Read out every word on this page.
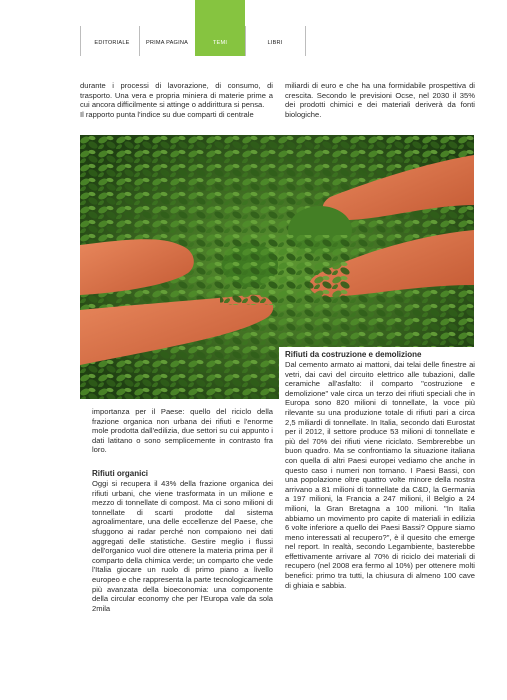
EDITORIALE	PRIMA PAGINA	TEMI	LIBRI

durante i processi di lavorazione, di consumo, di trasporto. Una vera e propria miniera di materie prime a cui ancora difficilmente si attinge o addirittura si pensa.

Il rapporto punta l'indice su due comparti di centrale

miliardi di euro e che ha una formidabile prospettiva di crescita. Secondo le previsioni Ocse, nel 2030 il 35% dei prodotti chimici e dei materiali deriverà da fonti biologiche.

importanza per il Paese: quello del riciclo della frazione organica non urbana dei rifiuti e l'enorme mole prodotta dall'edilizia, due settori su cui appunto i dati latitano o sono semplicemente in contrasto fra loro.

Rifiuti organici

Oggi si recupera il 43% della frazione organica dei rifiuti urbani, che viene trasformata in un milione e mezzo di tonnellate di compost. Ma ci sono milioni di tonnellate di scarti prodotte dal sistema agroalimentare, una delle eccellenze del Paese, che sfuggono ai radar perché non compaiono nei dati aggregati delle statistiche. Gestire meglio i flussi dell'organico vuol dire ottenere la materia prima per il comparto della chimica verde; un comparto che vede l'Italia giocare un ruolo di primo piano a livello europeo e che rappresenta la parte tecnologicamente più avanzata della bioeconomia: una componente della circular economy che per l'Europa vale da sola 2mila

Rifiuti da costruzione e demolizione

Dal cemento armato ai mattoni, dai telai delle finestre ai vetri, dai cavi del circuito elettrico alle tubazioni, dalle ceramiche all'asfalto: il comparto "costruzione e demolizione" vale circa un terzo dei rifiuti speciali che in Europa sono 820 milioni di tonnellate, la voce più rilevante su una produzione totale di rifiuti pari a circa 2,5 miliardi di tonnellate. In Italia, secondo dati Eurostat per il 2012, il settore produce 53 milioni di tonnellate e più del 70% dei rifiuti viene riciclato. Sembrerebbe un buon quadro. Ma se confrontiamo la situazione italiana con quella di altri Paesi europei vediamo che anche in questo caso i numeri non tornano. I Paesi Bassi, con una popolazione oltre quattro volte minore della nostra arrivano a 81 milioni di tonnellate da C&D, la Germania a 197 milioni, la Francia a 247 milioni, il Belgio a 24 milioni, la Gran Bretagna a 100 milioni. "In Italia abbiamo un movimento pro capite di materiali in edilizia 6 volte inferiore a quello dei Paesi Bassi? Oppure siamo meno interessati al recupero?", è il quesito che emerge nel report. In realtà, secondo Legambiente, basterebbe effettivamente arrivare al 70% di riciclo dei materiali di recupero (nel 2008 era fermo al 10%) per ottenere molti benefici: primo tra tutti, la chiusura di almeno 100 cave di ghiaia e sabbia.
